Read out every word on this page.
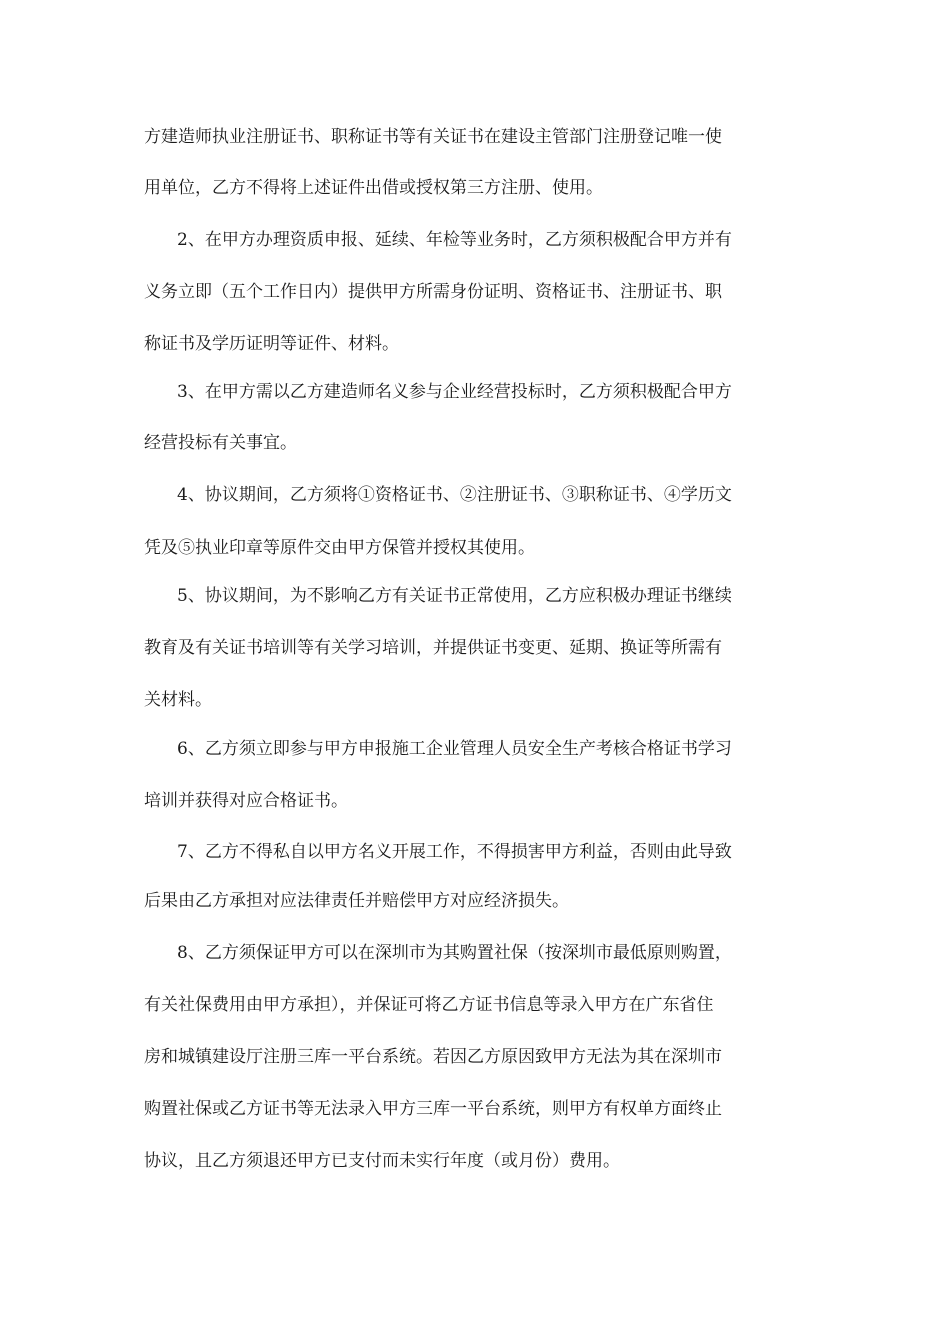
方建造师执业注册证书、职称证书等有关证书在建设主管部门注册登记唯一使
用单位，乙方不得将上述证件出借或授权第三方注册、使用。
2、在甲方办理资质申报、延续、年检等业务时，乙方须积极配合甲方并有
义务立即（五个工作日内）提供甲方所需身份证明、资格证书、注册证书、职
称证书及学历证明等证件、材料。
3、在甲方需以乙方建造师名义参与企业经营投标时，乙方须积极配合甲方
经营投标有关事宜。
4、协议期间，乙方须将①资格证书、②注册证书、③职称证书、④学历文
凭及⑤执业印章等原件交由甲方保管并授权其使用。
5、协议期间，为不影响乙方有关证书正常使用，乙方应积极办理证书继续
教育及有关证书培训等有关学习培训，并提供证书变更、延期、换证等所需有
关材料。
6、乙方须立即参与甲方申报施工企业管理人员安全生产考核合格证书学习
培训并获得对应合格证书。
7、乙方不得私自以甲方名义开展工作，不得损害甲方利益，否则由此导致
后果由乙方承担对应法律责任并赔偿甲方对应经济损失。
8、乙方须保证甲方可以在深圳市为其购置社保（按深圳市最低原则购置，
有关社保费用由甲方承担），并保证可将乙方证书信息等录入甲方在广东省住
房和城镇建设厅注册三库一平台系统。若因乙方原因致甲方无法为其在深圳市
购置社保或乙方证书等无法录入甲方三库一平台系统，则甲方有权单方面终止
协议，且乙方须退还甲方已支付而未实行年度（或月份）费用。
